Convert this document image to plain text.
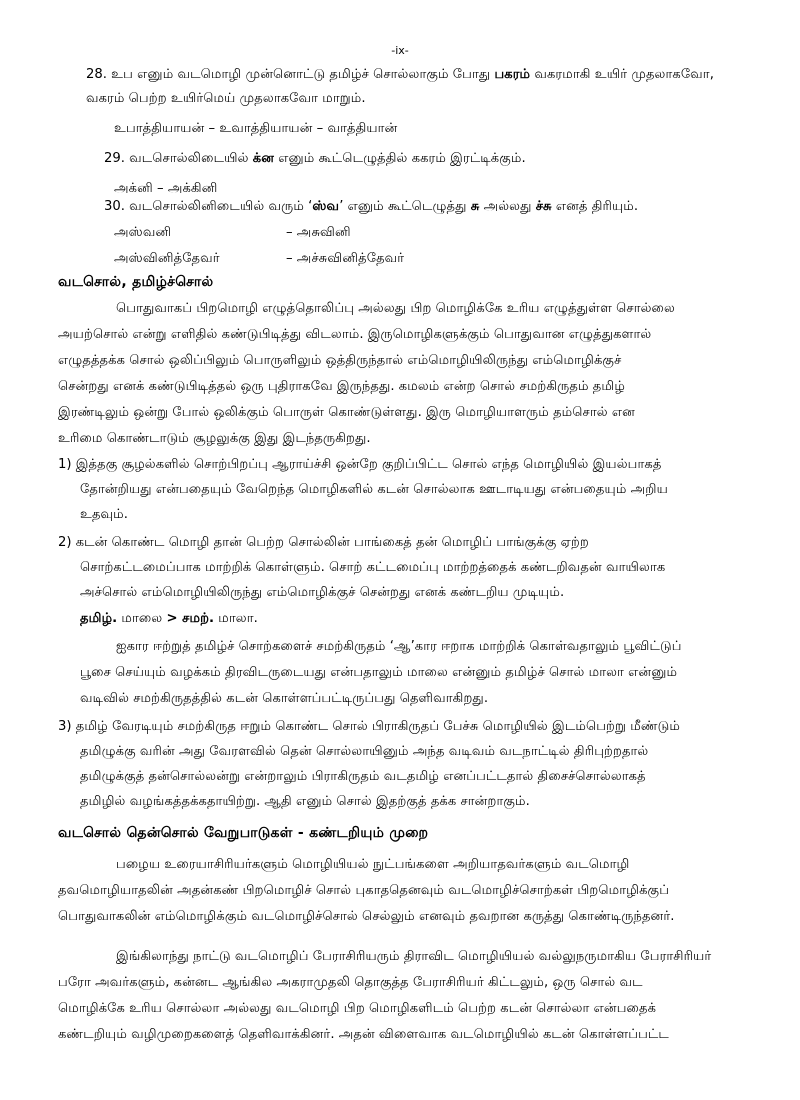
-ix-
28. உப எனும் வடமொழி முன்னொட்டு தமிழ்ச் சொல்லாகும் போது பகரம் வகரமாகி உயிர் முதலாகவோ,
வகரம் பெற்ற உயிர்மெய் முதலாகவோ மாறும்.
உபாத்தியாயன் – உவாத்தியாயன் – வாத்தியான்
29. வடசொல்லிடையில் க்ன எனும் கூட்டெழுத்தில் ககரம் இரட்டிக்கும்.
அக்னி – அக்கினி
30. வடசொல்லினிடையில் வரும் ‘ஸ்வ’ எனும் கூட்டெழுத்து சு அல்லது ச்சு எனத் திரியும்.
அஸ்வனி	– அசுவினி
அஸ்வினித்தேவர்	– அச்சுவினித்தேவர்
வடசொல், தமிழ்ச்சொல்
பொதுவாகப் பிறமொழி எழுத்தொலிப்பு அல்லது பிற மொழிக்கே உரிய எழுத்துள்ள சொல்லை
அயற்சொல் என்று எளிதில் கண்டுபிடித்து விடலாம். இருமொழிகளுக்கும் பொதுவான எழுத்துகளால்
எழுதத்தக்க சொல் ஒலிப்பிலும் பொருளிலும் ஒத்திருந்தால் எம்மொழியிலிருந்து எம்மொழிக்குச்
சென்றது எனக் கண்டுபிடித்தல் ஒரு புதிராகவே இருந்தது. கமலம் என்ற சொல் சமற்கிருதம் தமிழ்
இரண்டிலும் ஒன்று போல் ஒலிக்கும் பொருள் கொண்டுள்ளது. இரு மொழியாளரும் தம்சொல் என
உரிமை கொண்டாடும் சூழலுக்கு இது இடந்தருகிறது.
1) இத்தகு சூழல்களில் சொற்பிறப்பு ஆராய்ச்சி ஒன்றே குறிப்பிட்ட சொல் எந்த மொழியில் இயல்பாகத்
தோன்றியது என்பதையும் வேறெந்த மொழிகளில் கடன் சொல்லாக ஊடாடியது என்பதையும் அறிய
உதவும்.
2) கடன் கொண்ட மொழி தான் பெற்ற சொல்லின் பாங்கைத் தன் மொழிப் பாங்குக்கு ஏற்ற
சொற்கட்டமைப்பாக மாற்றிக் கொள்ளும். சொற் கட்டமைப்பு மாற்றத்தைக் கண்டறிவதன் வாயிலாக
அச்சொல் எம்மொழியிலிருந்து எம்மொழிக்குச் சென்றது எனக் கண்டறிய முடியும்.
தமிழ். மாலை > சமற். மாலா.
ஐகார ஈற்றுத் தமிழ்ச் சொற்களைச் சமற்கிருதம் ‘ஆ’கார ஈறாக மாற்றிக் கொள்வதாலும் பூவிட்டுப்
பூசை செய்யும் வழக்கம் திரவிடருடையது என்பதாலும் மாலை என்னும் தமிழ்ச் சொல் மாலா என்னும்
வடிவில் சமற்கிருதத்தில் கடன் கொள்ளப்பட்டிருப்பது தெளிவாகிறது.
3) தமிழ் வேரடியும் சமற்கிருத ஈறும் கொண்ட சொல் பிராகிருதப் பேச்சு மொழியில் இடம்பெற்று மீண்டும்
தமிழுக்கு வரின் அது வேரளவில் தென் சொல்லாயினும் அந்த வடிவம் வடநாட்டில் திரிபுற்றதால்
தமிழுக்குத் தன்சொல்லன்று என்றாலும் பிராகிருதம் வடதமிழ் எனப்பட்டதால் திசைச்சொல்லாகத்
தமிழில் வழங்கத்தக்கதாயிற்று. ஆதி எனும் சொல் இதற்குத் தக்க சான்றாகும்.
வடசொல் தென்சொல் வேறுபாடுகள் - கண்டறியும் முறை
பழைய உரையாசிரியர்களும் மொழியியல் நுட்பங்களை அறியாதவர்களும் வடமொழி
தவமொழியாதலின் அதன்கண் பிறமொழிச் சொல் புகாததெனவும் வடமொழிச்சொற்கள் பிறமொழிக்குப்
பொதுவாகலின் எம்மொழிக்கும் வடமொழிச்சொல் செல்லும் எனவும் தவறான கருத்து கொண்டிருந்தனர்.
இங்கிலாந்து நாட்டு வடமொழிப் பேராசிரியரும் திராவிட மொழியியல் வல்லுநருமாகிய பேராசிரியர்
பரோ அவர்களும், கன்னட ஆங்கில அகராமுதலி தொகுத்த பேராசிரியர் கிட்டலும், ஒரு சொல் வட
மொழிக்கே உரிய சொல்லா அல்லது வடமொழி பிற மொழிகளிடம் பெற்ற கடன் சொல்லா என்பதைக்
கண்டறியும் வழிமுறைகளைத் தெளிவாக்கினர். அதன் விளைவாக வடமொழியில் கடன் கொள்ளப்பட்ட
